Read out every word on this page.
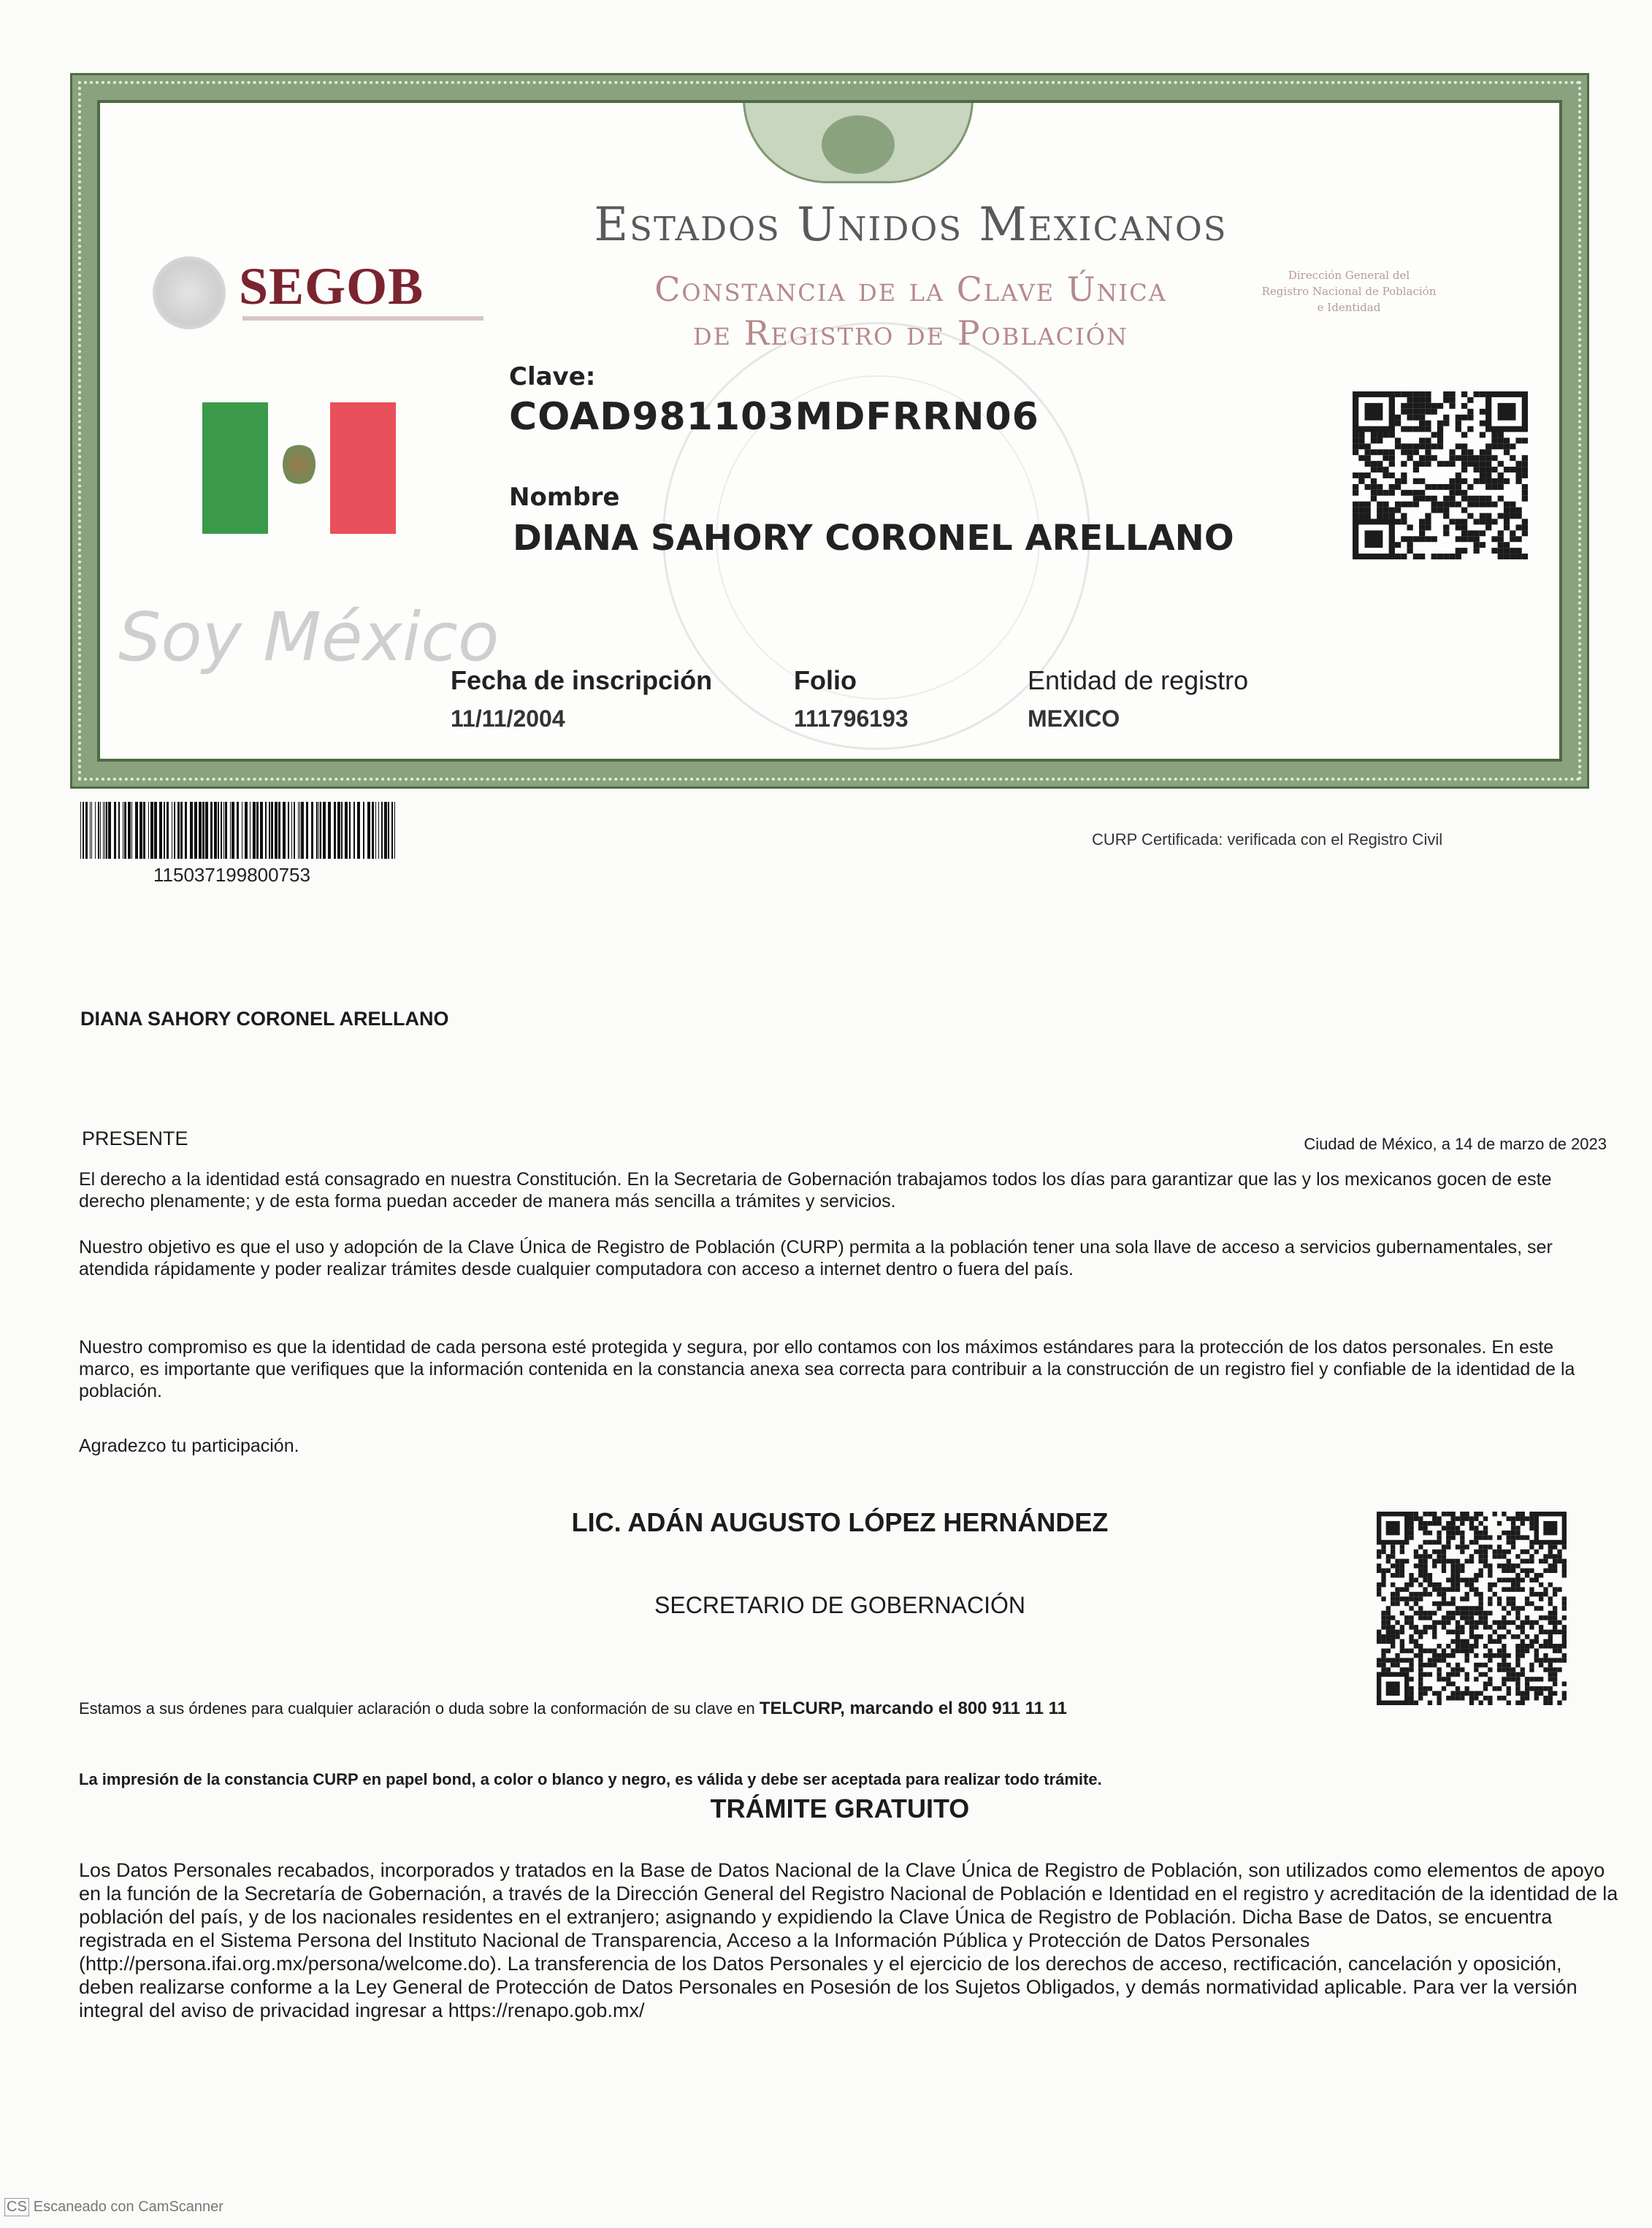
Estados Unidos Mexicanos
Constancia de la Clave Única
de Registro de Población
SEGOB	Dirección General del
Registro Nacional de Población
e Identidad
Soy México
Clave:
COAD981103MDFRRN06
Nombre
DIANA SAHORY CORONEL ARELLANO
Fecha de inscripción
11/11/2004
Folio
111796193
Entidad de registro
MEXICO
115037199800753
CURP Certificada: verificada con el Registro Civil
DIANA SAHORY CORONEL ARELLANO
PRESENTE	Ciudad de México, a 14 de marzo de 2023
El derecho a la identidad está consagrado en nuestra Constitución. En la Secretaria de Gobernación trabajamos todos los días para garantizar que las y los mexicanos gocen de este derecho plenamente; y de esta forma puedan acceder de manera más sencilla a trámites y servicios.
Nuestro objetivo es que el uso y adopción de la Clave Única de Registro de Población (CURP) permita a la población tener una sola llave de acceso a servicios gubernamentales, ser atendida rápidamente y poder realizar trámites desde cualquier computadora con acceso a internet dentro o fuera del país.
Nuestro compromiso es que la identidad de cada persona esté protegida y segura, por ello contamos con los máximos estándares para la protección de los datos personales. En este marco, es importante que verifiques que la información contenida en la constancia anexa sea correcta para contribuir a la construcción de un registro fiel y confiable de la identidad de la población.
Agradezco tu participación.
LIC. ADÁN AUGUSTO LÓPEZ HERNÁNDEZ
SECRETARIO DE GOBERNACIÓN
Estamos a sus órdenes para cualquier aclaración o duda sobre la conformación de su clave en TELCURP, marcando el 800 911 11 11
La impresión de la constancia CURP en papel bond, a color o blanco y negro, es válida y debe ser aceptada para realizar todo trámite.
TRÁMITE GRATUITO
Los Datos Personales recabados, incorporados y tratados en la Base de Datos Nacional de la Clave Única de Registro de Población, son utilizados como elementos de apoyo en la función de la Secretaría de Gobernación, a través de la Dirección General del Registro Nacional de Población e Identidad en el registro y acreditación de la identidad de la población del país, y de los nacionales residentes en el extranjero; asignando y expidiendo la Clave Única de Registro de Población. Dicha Base de Datos, se encuentra registrada en el Sistema Persona del Instituto Nacional de Transparencia, Acceso a la Información Pública y Protección de Datos Personales (http://persona.ifai.org.mx/persona/welcome.do). La transferencia de los Datos Personales y el ejercicio de los derechos de acceso, rectificación, cancelación y oposición, deben realizarse conforme a la Ley General de Protección de Datos Personales en Posesión de los Sujetos Obligados, y demás normatividad aplicable. Para ver la versión integral del aviso de privacidad ingresar a https://renapo.gob.mx/
CS Escaneado con CamScanner
